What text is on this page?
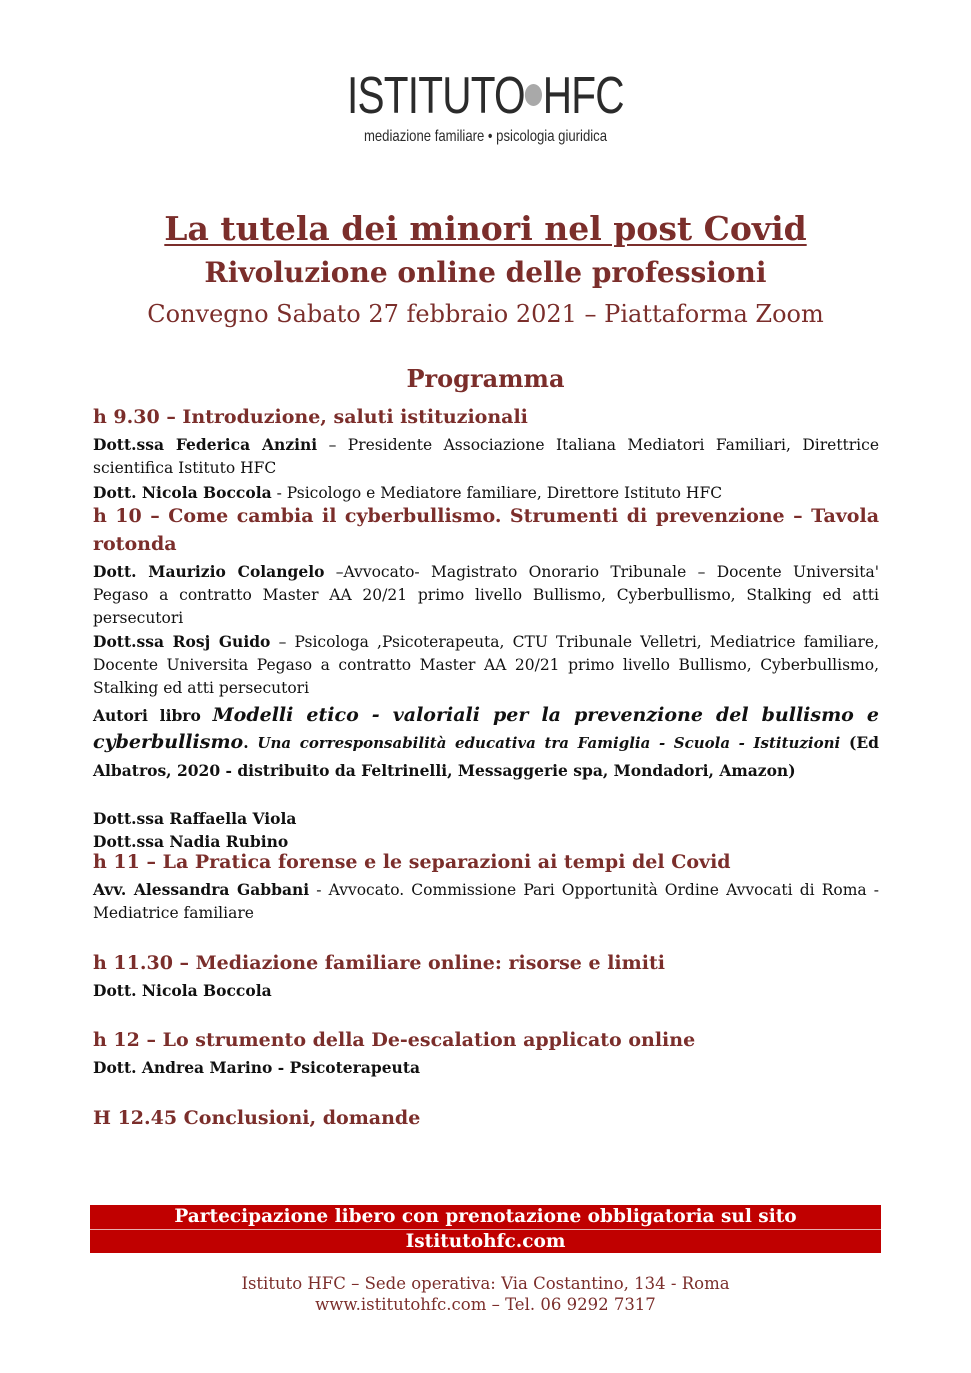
ISTITUTO HFC
mediazione familiare • psicologia giuridica
La tutela dei minori nel post Covid
Rivoluzione online delle professioni
Convegno Sabato 27 febbraio 2021 – Piattaforma Zoom
Programma

h 9.30 – Introduzione, saluti istituzionali

Dott.ssa Federica Anzini – Presidente Associazione Italiana Mediatori Familiari, Direttrice scientifica Istituto HFC

Dott. Nicola Boccola - Psicologo e Mediatore familiare, Direttore Istituto HFC

h 10 – Come cambia il cyberbullismo. Strumenti di prevenzione – Tavola rotonda

Dott. Maurizio Colangelo –Avvocato- Magistrato Onorario Tribunale – Docente Universita' Pegaso a contratto Master AA 20/21 primo livello Bullismo, Cyberbullismo, Stalking ed atti persecutori

Dott.ssa Rosj Guido – Psicologa ,Psicoterapeuta, CTU Tribunale Velletri, Mediatrice familiare, Docente Universita Pegaso a contratto Master AA 20/21 primo livello Bullismo, Cyberbullismo, Stalking ed atti persecutori

Autori libro Modelli etico - valoriali per la prevenzione del bullismo e cyberbullismo. Una corresponsabilità educativa tra Famiglia - Scuola - Istituzioni (Ed Albatros, 2020 - distribuito da Feltrinelli, Messaggerie spa, Mondadori, Amazon)

Dott.ssa Raffaella Viola

Dott.ssa Nadia Rubino

h 11 – La Pratica forense e le separazioni ai tempi del Covid

Avv. Alessandra Gabbani - Avvocato. Commissione Pari Opportunità Ordine Avvocati di Roma - Mediatrice familiare

h 11.30 – Mediazione familiare online: risorse e limiti

Dott. Nicola Boccola

h 12 – Lo strumento della De-escalation applicato online

Dott. Andrea Marino - Psicoterapeuta

H 12.45 Conclusioni, domande

Partecipazione libero con prenotazione obbligatoria sul sito
Istitutohfc.com
Istituto HFC – Sede operativa: Via Costantino, 134 - Roma
www.istitutohfc.com – Tel. 06 9292 7317
